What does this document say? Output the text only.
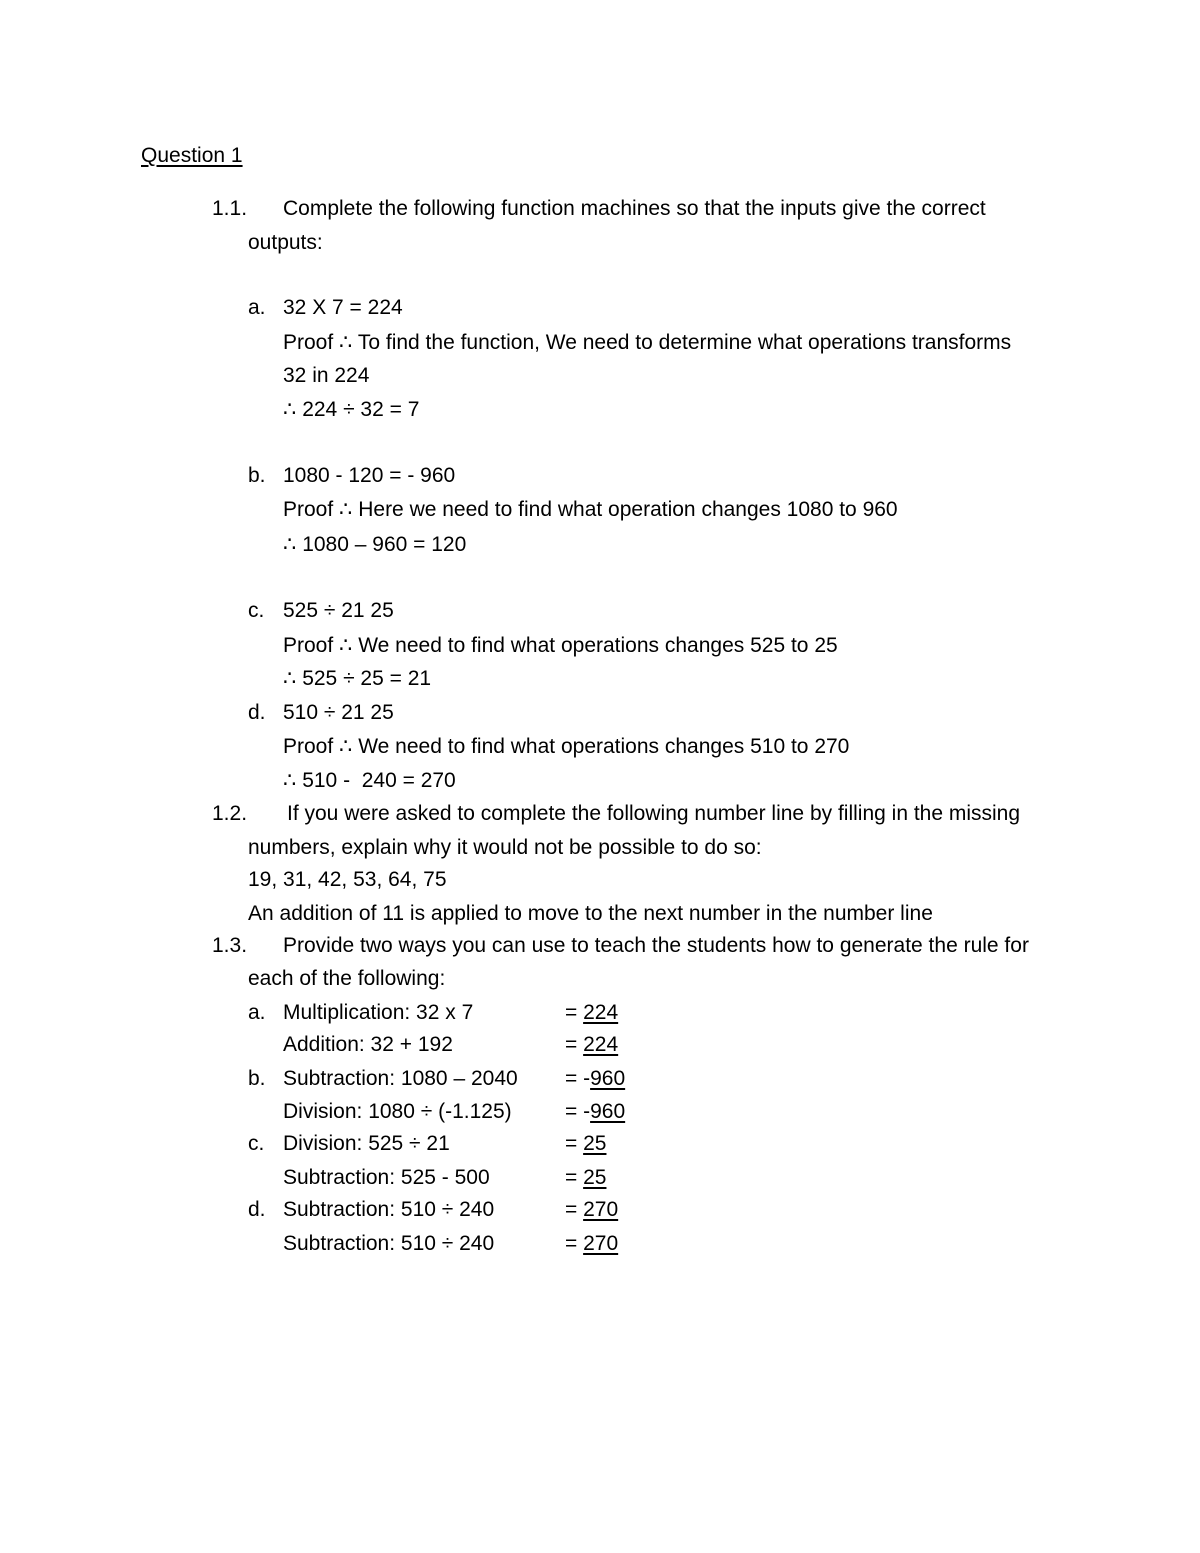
Question 1
1.1. Complete the following function machines so that the inputs give the correct
outputs:
a. 32 X 7 = 224
Proof ∴ To find the function, We need to determine what operations transforms
32 in 224
∴ 224 ÷ 32 = 7
b. 1080 - 120 = - 960
Proof ∴ Here we need to find what operation changes 1080 to 960
∴ 1080 – 960 = 120
c. 525 ÷ 21 25
Proof ∴ We need to find what operations changes 525 to 25
∴ 525 ÷ 25 = 21
d. 510 ÷ 21 25
Proof ∴ We need to find what operations changes 510 to 270
∴ 510 -  240 = 270
1.2. If you were asked to complete the following number line by filling in the missing
numbers, explain why it would not be possible to do so:
19, 31, 42, 53, 64, 75
An addition of 11 is applied to move to the next number in the number line
1.3. Provide two ways you can use to teach the students how to generate the rule for
each of the following:
a. Multiplication: 32 x 7	= 224
Addition: 32 + 192	= 224
b. Subtraction: 1080 – 2040 = -960
Division: 1080 ÷ (-1.125)	= -960
c. Division: 525 ÷ 21	= 25
Subtraction: 525 - 500	= 25
d. Subtraction: 510 ÷ 240	= 270
Subtraction: 510 ÷ 240	= 270
